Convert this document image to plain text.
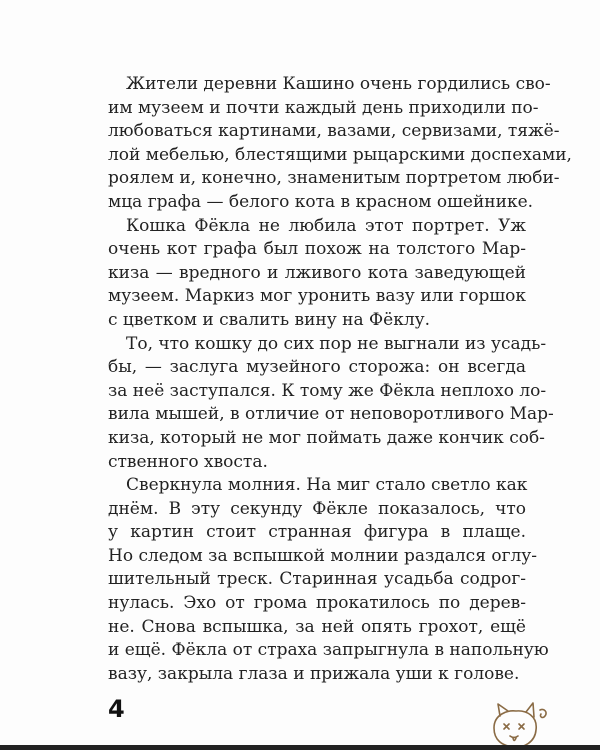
Жители деревни Кашино очень гордились сво-
им музеем и почти каждый день приходили по-
любоваться картинами, вазами, сервизами, тяжё-
лой мебелью, блестящими рыцарскими доспехами,
роялем и, конечно, знаменитым портретом люби-
мца графа — белого кота в красном ошейнике.
Кошка Фёкла не любила этот портрет. Уж
очень кот графа был похож на толстого Мар-
киза — вредного и лживого кота заведующей
музеем. Маркиз мог уронить вазу или горшок
с цветком и свалить вину на Фёклу.
То, что кошку до сих пор не выгнали из усадь-
бы, — заслуга музейного сторожа: он всегда
за неё заступался. К тому же Фёкла неплохо ло-
вила мышей, в отличие от неповоротливого Мар-
киза, который не мог поймать даже кончик соб-
ственного хвоста.
Сверкнула молния. На миг стало светло как
днём. В эту секунду Фёкле показалось, что
у картин стоит странная фигура в плаще.
Но следом за вспышкой молнии раздался оглу-
шительный треск. Старинная усадьба содрог-
нулась. Эхо от грома прокатилось по дерев-
не. Снова вспышка, за ней опять грохот, ещё
и ещё. Фёкла от страха запрыгнула в напольную
вазу, закрыла глаза и прижала уши к голове.
4
